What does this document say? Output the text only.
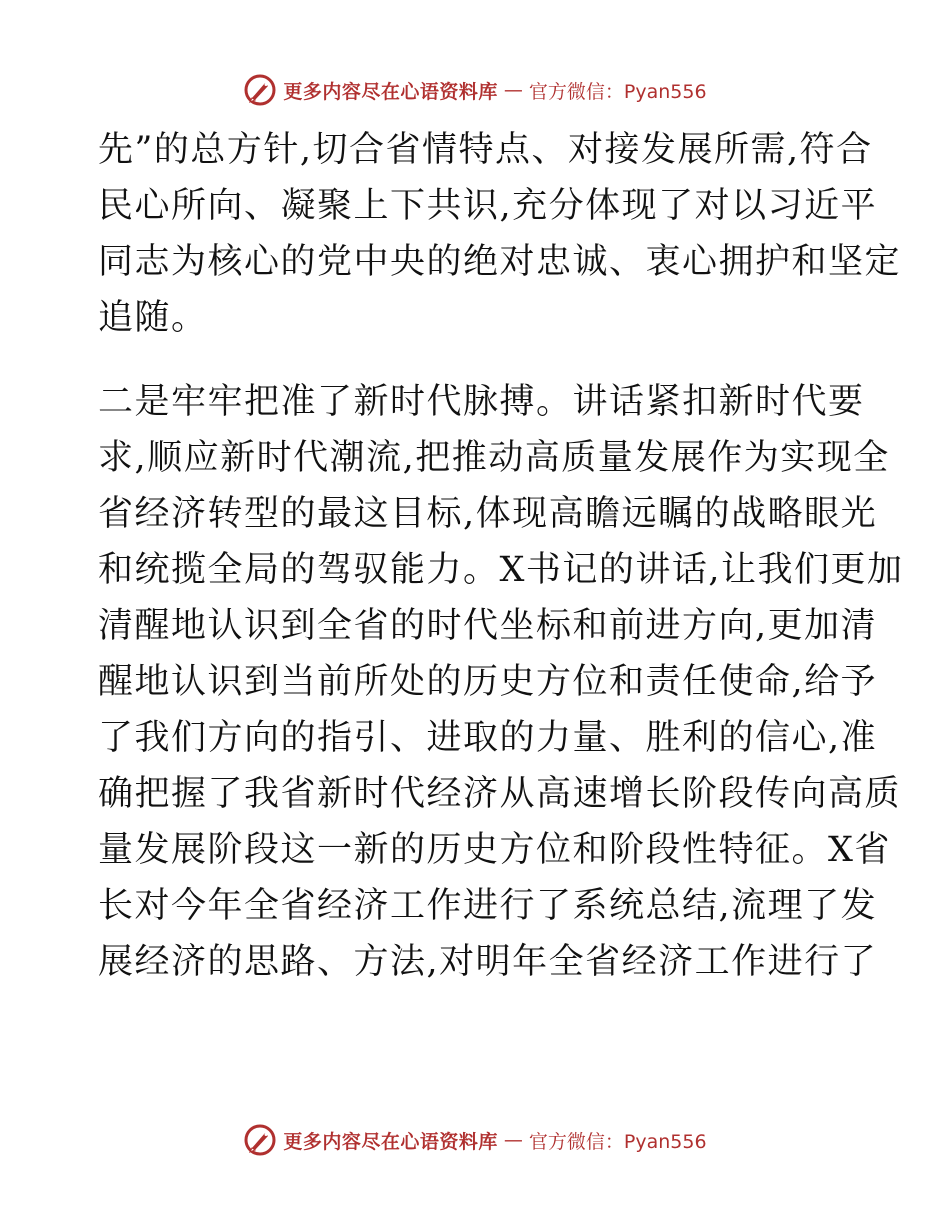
更多内容尽在心语资料库 — 官方微信：Pyan556
先”的总方针,切合省情特点、对接发展所需,符合
民心所向、凝聚上下共识,充分体现了对以习近平
同志为核心的党中央的绝对忠诚、衷心拥护和坚定
追随。
二是牢牢把准了新时代脉搏。讲话紧扣新时代要
求,顺应新时代潮流,把推动高质量发展作为实现全
省经济转型的最这目标,体现高瞻远瞩的战略眼光
和统揽全局的驾驭能力。X书记的讲话,让我们更加
清醒地认识到全省的时代坐标和前进方向,更加清
醒地认识到当前所处的历史方位和责任使命,给予
了我们方向的指引、进取的力量、胜利的信心,准
确把握了我省新时代经济从高速增长阶段传向高质
量发展阶段这一新的历史方位和阶段性特征。X省
长对今年全省经济工作进行了系统总结,流理了发
展经济的思路、方法,对明年全省经济工作进行了
更多内容尽在心语资料库 — 官方微信：Pyan556
